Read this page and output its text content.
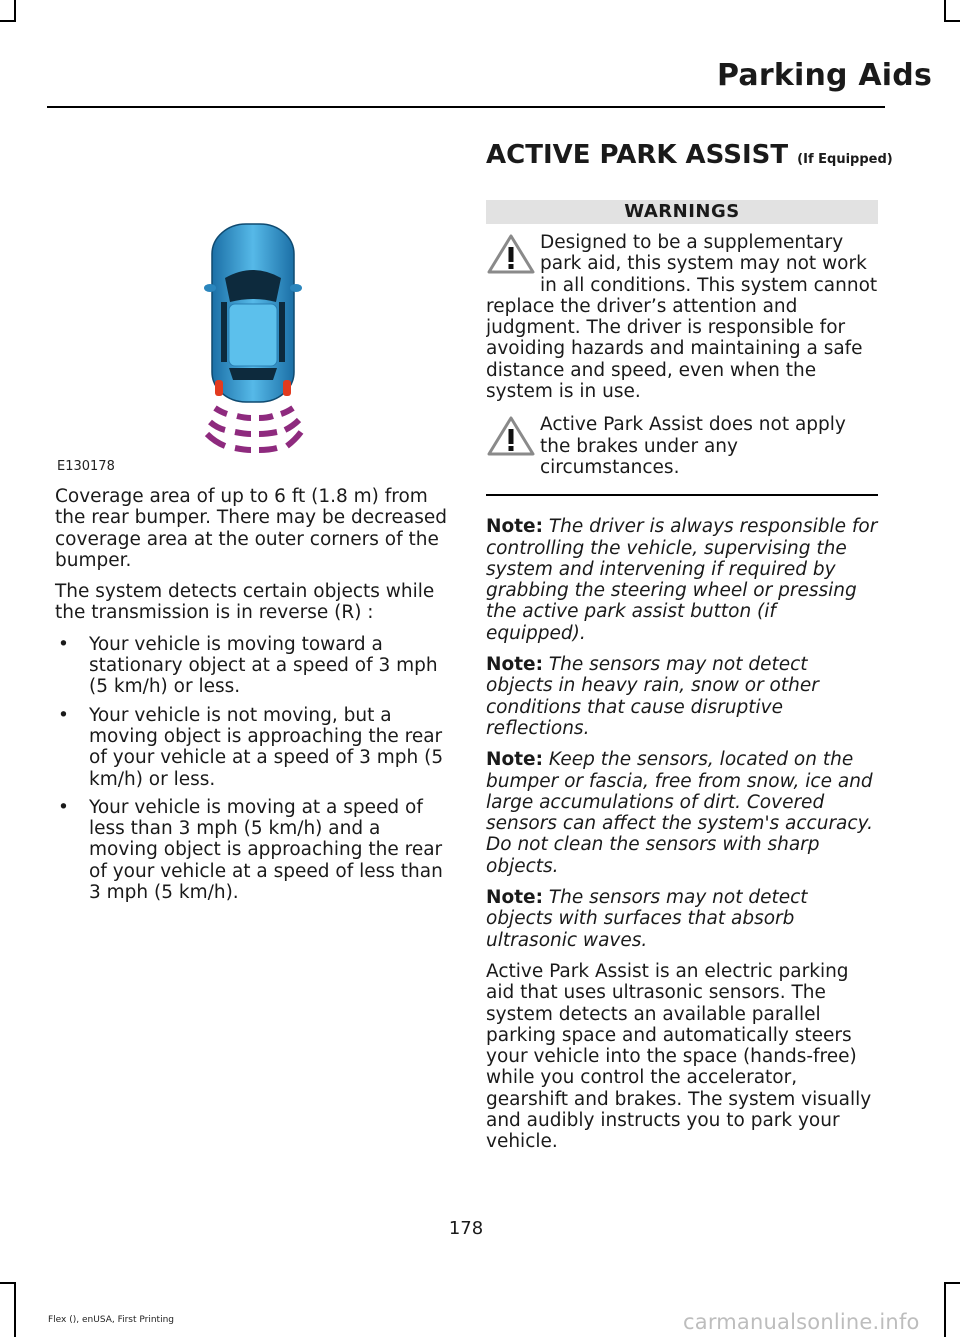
Parking Aids
E130178

Coverage area of up to 6 ft (1.8 m) from the rear bumper. There may be decreased coverage area at the outer corners of the bumper.

The system detects certain objects while the transmission is in reverse (R) :

• Your vehicle is moving toward a stationary object at a speed of 3 mph (5 km/h) or less.
• Your vehicle is not moving, but a moving object is approaching the rear of your vehicle at a speed of 3 mph (5 km/h) or less.
• Your vehicle is moving at a speed of less than 3 mph (5 km/h) and a moving object is approaching the rear of your vehicle at a speed of less than 3 mph (5 km/h).
ACTIVE PARK ASSIST (If Equipped)
WARNINGS

Designed to be a supplementary park aid, this system may not work in all conditions. This system cannot replace the driver’s attention and judgment. The driver is responsible for avoiding hazards and maintaining a safe distance and speed, even when the system is in use.

Active Park Assist does not apply the brakes under any circumstances.

Note: The driver is always responsible for controlling the vehicle, supervising the system and intervening if required by grabbing the steering wheel or pressing the active park assist button (if equipped).

Note: The sensors may not detect objects in heavy rain, snow or other conditions that cause disruptive reflections.

Note: Keep the sensors, located on the bumper or fascia, free from snow, ice and large accumulations of dirt. Covered sensors can affect the system's accuracy. Do not clean the sensors with sharp objects.

Note: The sensors may not detect objects with surfaces that absorb ultrasonic waves.

Active Park Assist is an electric parking aid that uses ultrasonic sensors. The system detects an available parallel parking space and automatically steers your vehicle into the space (hands-free) while you control the accelerator, gearshift and brakes. The system visually and audibly instructs you to park your vehicle.

178
Flex (), enUSA, First Printing	carmanualsonline.info
